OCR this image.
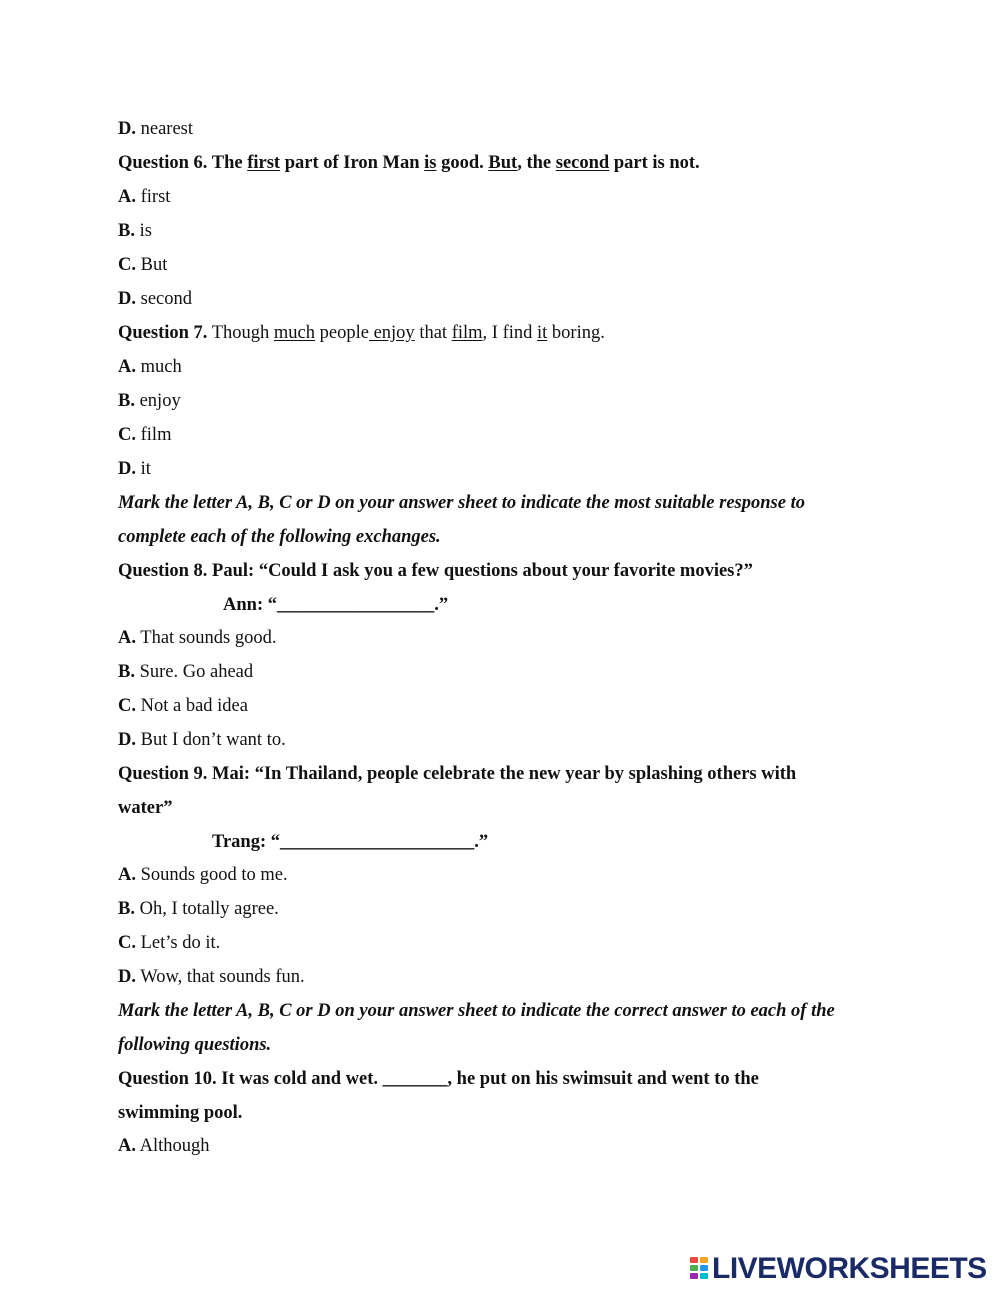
D. nearest

Question 6. The first part of Iron Man is good. But, the second part is not.

A. first

B. is

C. But

D. second

Question 7. Though much people enjoy that film, I find it boring.

A. much

B. enjoy

C. film

D. it

Mark the letter A, B, C or D on your answer sheet to indicate the most suitable response to

complete each of the following exchanges.

Question 8. Paul: “Could I ask you a few questions about your favorite movies?”

Ann: “_________________.”

A. That sounds good.

B. Sure. Go ahead

C. Not a bad idea

D. But I don’t want to.

Question 9. Mai: “In Thailand, people celebrate the new year by splashing others with

water”

Trang: “_____________________.”

A. Sounds good to me.

B. Oh, I totally agree.

C. Let’s do it.

D. Wow, that sounds fun.

Mark the letter A, B, C or D on your answer sheet to indicate the correct answer to each of the

following questions.

Question 10. It was cold and wet. _______, he put on his swimsuit and went to the

swimming pool.

A. Although

LIVEWORKSHEETS
